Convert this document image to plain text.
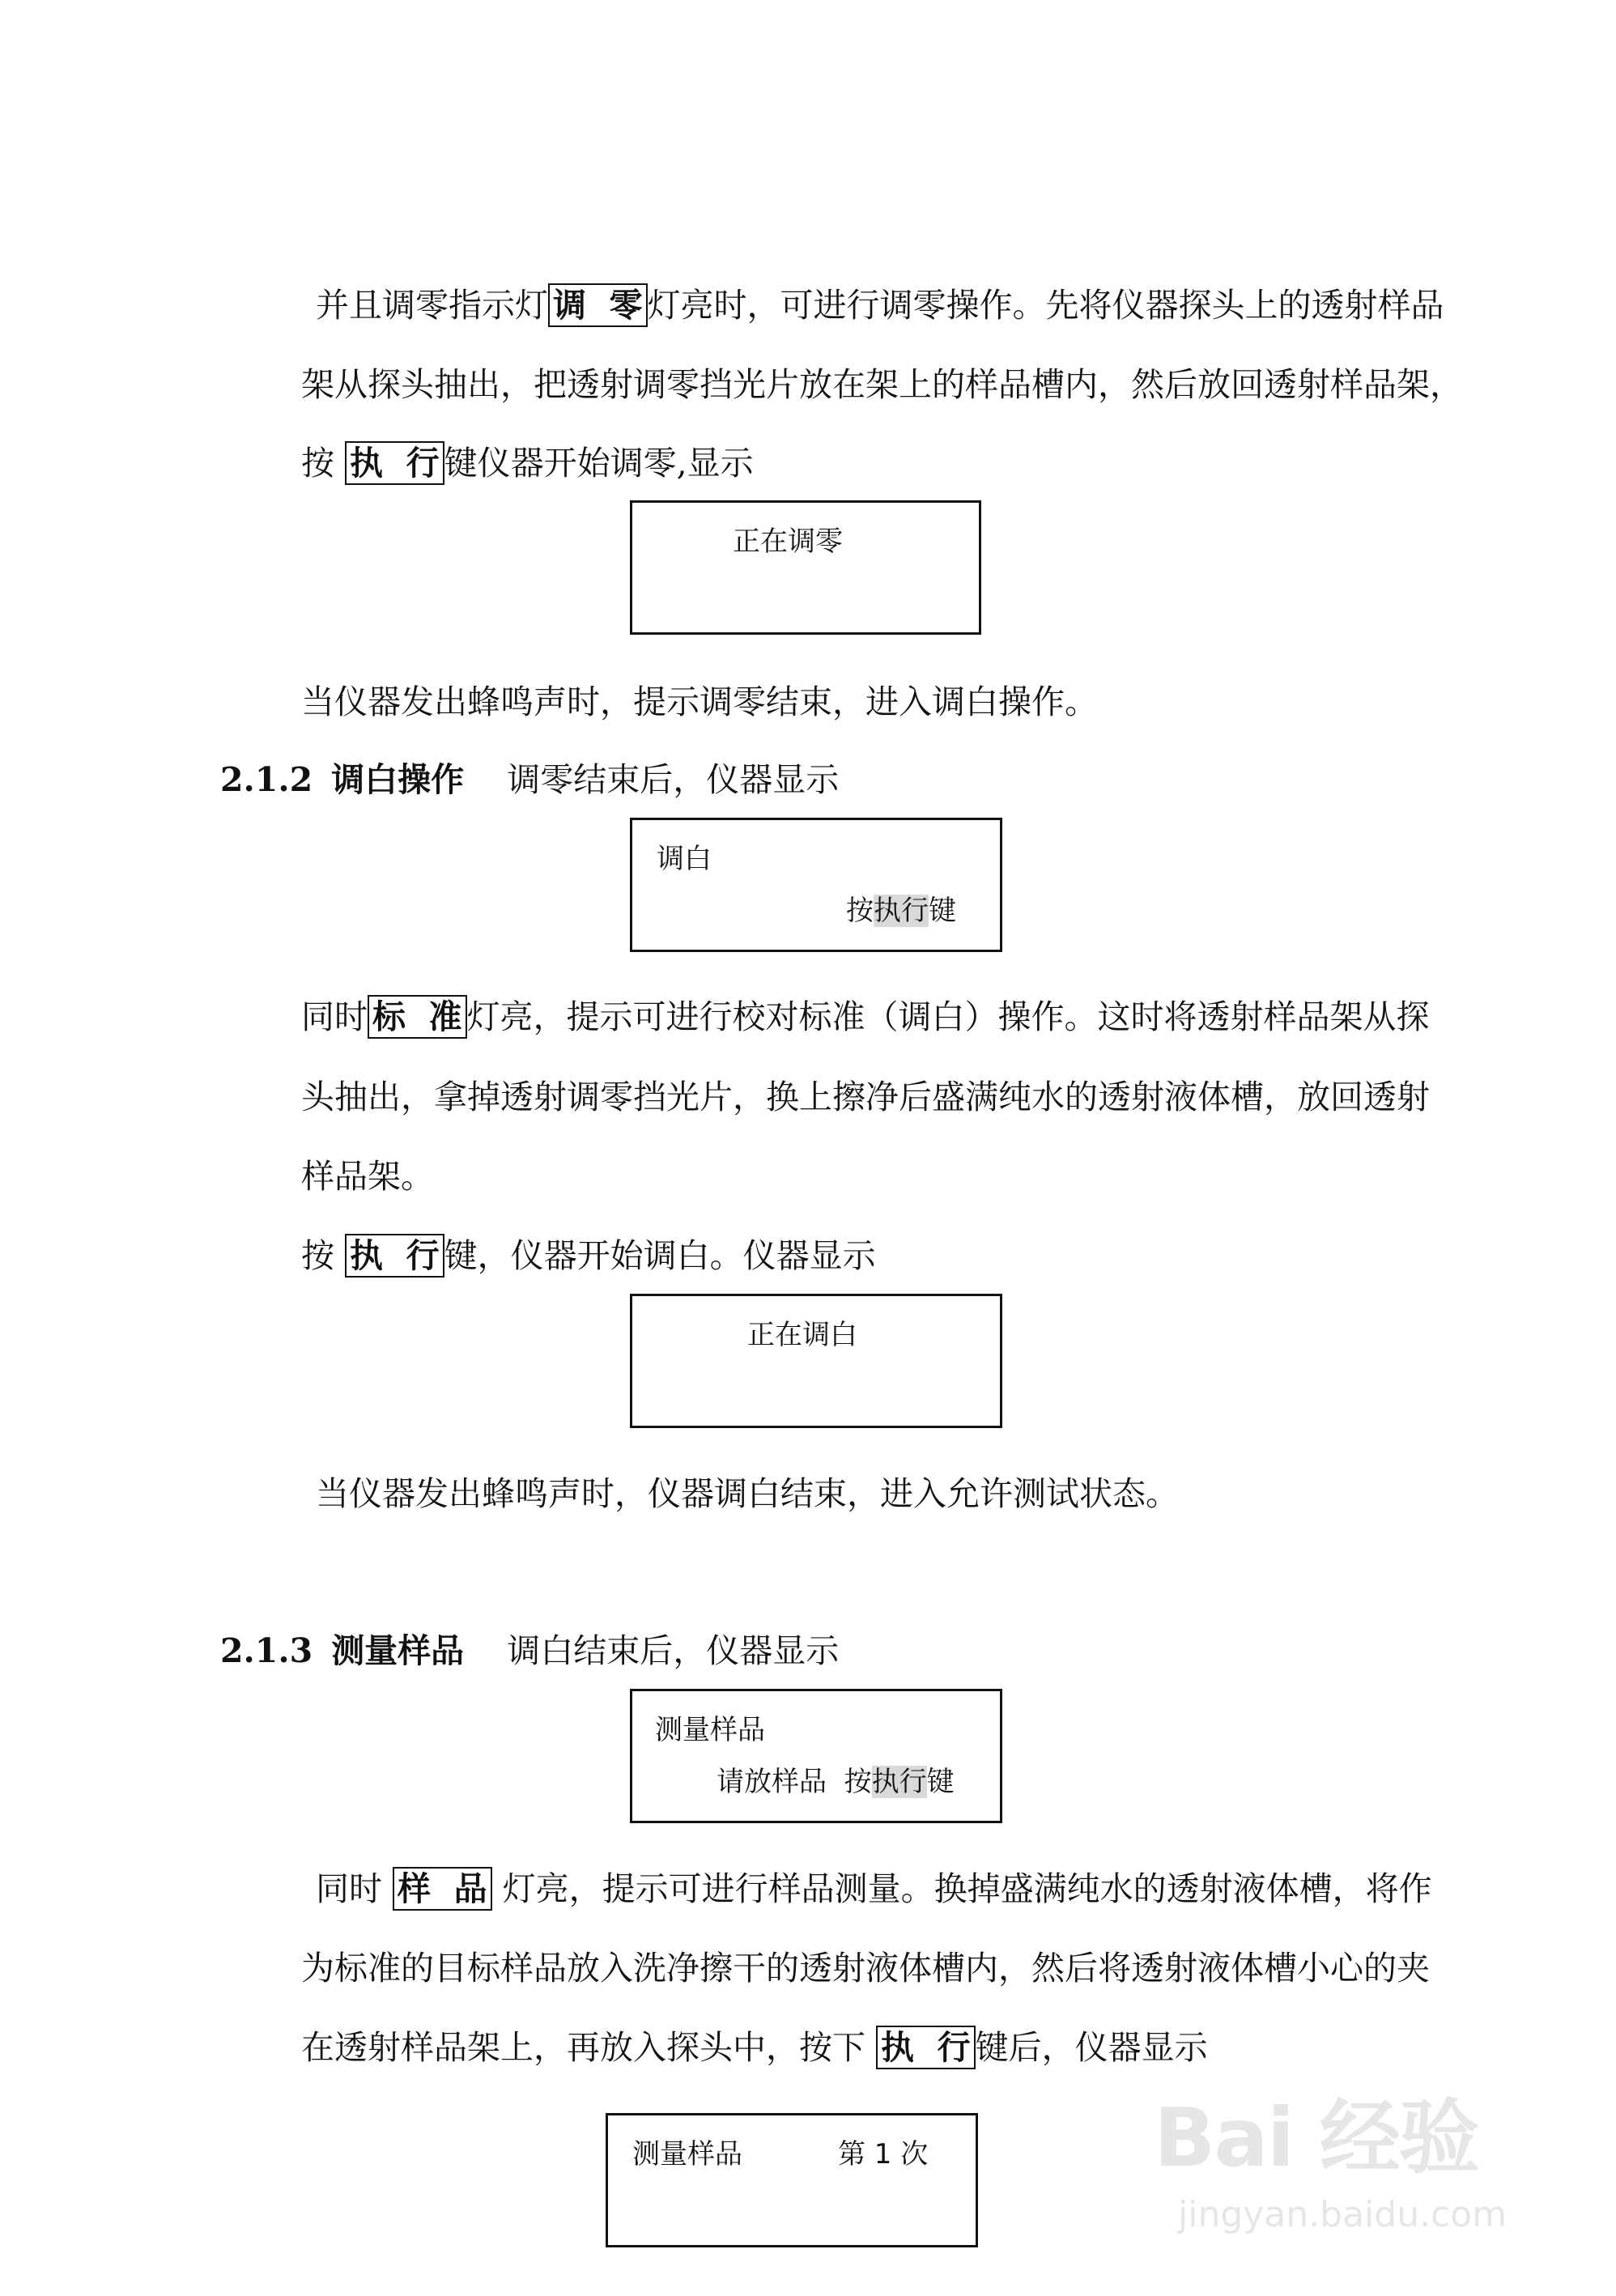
并且调零指示灯 调  零 灯亮时，可进行调零操作。先将仪器探头上的透射样品
架从探头抽出，把透射调零挡光片放在架上的样品槽内，然后放回透射样品架，
按 执  行 键仪器开始调零,显示
正在调零
当仪器发出蜂鸣声时，提示调零结束，进入调白操作。
2.1.2 调白操作 调零结束后，仪器显示
调白
按执行键
同时 标  准 灯亮，提示可进行校对标准（调白）操作。这时将透射样品架从探
头抽出，拿掉透射调零挡光片，换上擦净后盛满纯水的透射液体槽，放回透射
样品架。
按 执  行 键，仪器开始调白。仪器显示
正在调白
当仪器发出蜂鸣声时，仪器调白结束，进入允许测试状态。
2.1.3 测量样品 调白结束后，仪器显示
测量样品
请放样品  按执行键
同时 样  品 灯亮，提示可进行样品测量。换掉盛满纯水的透射液体槽，将作
为标准的目标样品放入洗净擦干的透射液体槽内，然后将透射液体槽小心的夹
在透射样品架上，再放入探头中，按下 执  行 键后，仪器显示
测量样品	第 1 次	Bai 经验
jingyan.baidu.com
